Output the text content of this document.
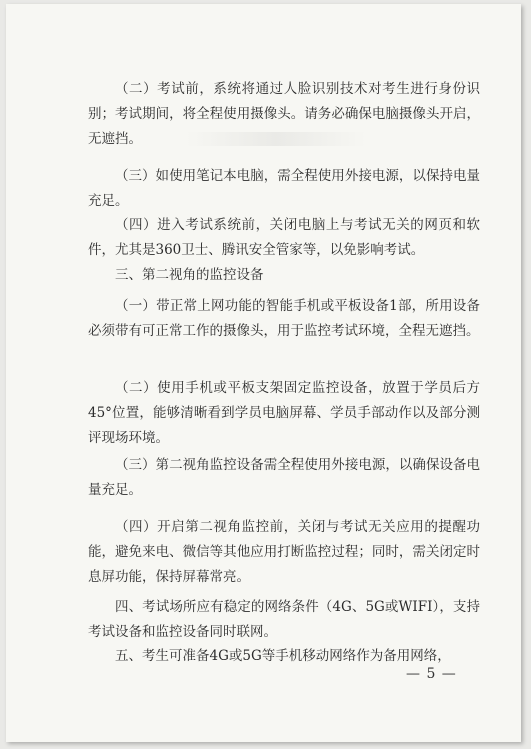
（二）考试前，系统将通过人脸识别技术对考生进行身份识别；考试期间，将全程使用摄像头。请务必确保电脑摄像头开启，无遮挡。

（三）如使用笔记本电脑，需全程使用外接电源，以保持电量充足。

（四）进入考试系统前，关闭电脑上与考试无关的网页和软件，尤其是360卫士、腾讯安全管家等，以免影响考试。

三、第二视角的监控设备

（一）带正常上网功能的智能手机或平板设备1部，所用设备必须带有可正常工作的摄像头，用于监控考试环境，全程无遮挡。

（二）使用手机或平板支架固定监控设备，放置于学员后方45°位置，能够清晰看到学员电脑屏幕、学员手部动作以及部分测评现场环境。

（三）第二视角监控设备需全程使用外接电源，以确保设备电量充足。

（四）开启第二视角监控前，关闭与考试无关应用的提醒功能，避免来电、微信等其他应用打断监控过程；同时，需关闭定时息屏功能，保持屏幕常亮。

四、考试场所应有稳定的网络条件（4G、5G或WIFI），支持考试设备和监控设备同时联网。

五、考生可准备4G或5G等手机移动网络作为备用网络，

— 5 —
